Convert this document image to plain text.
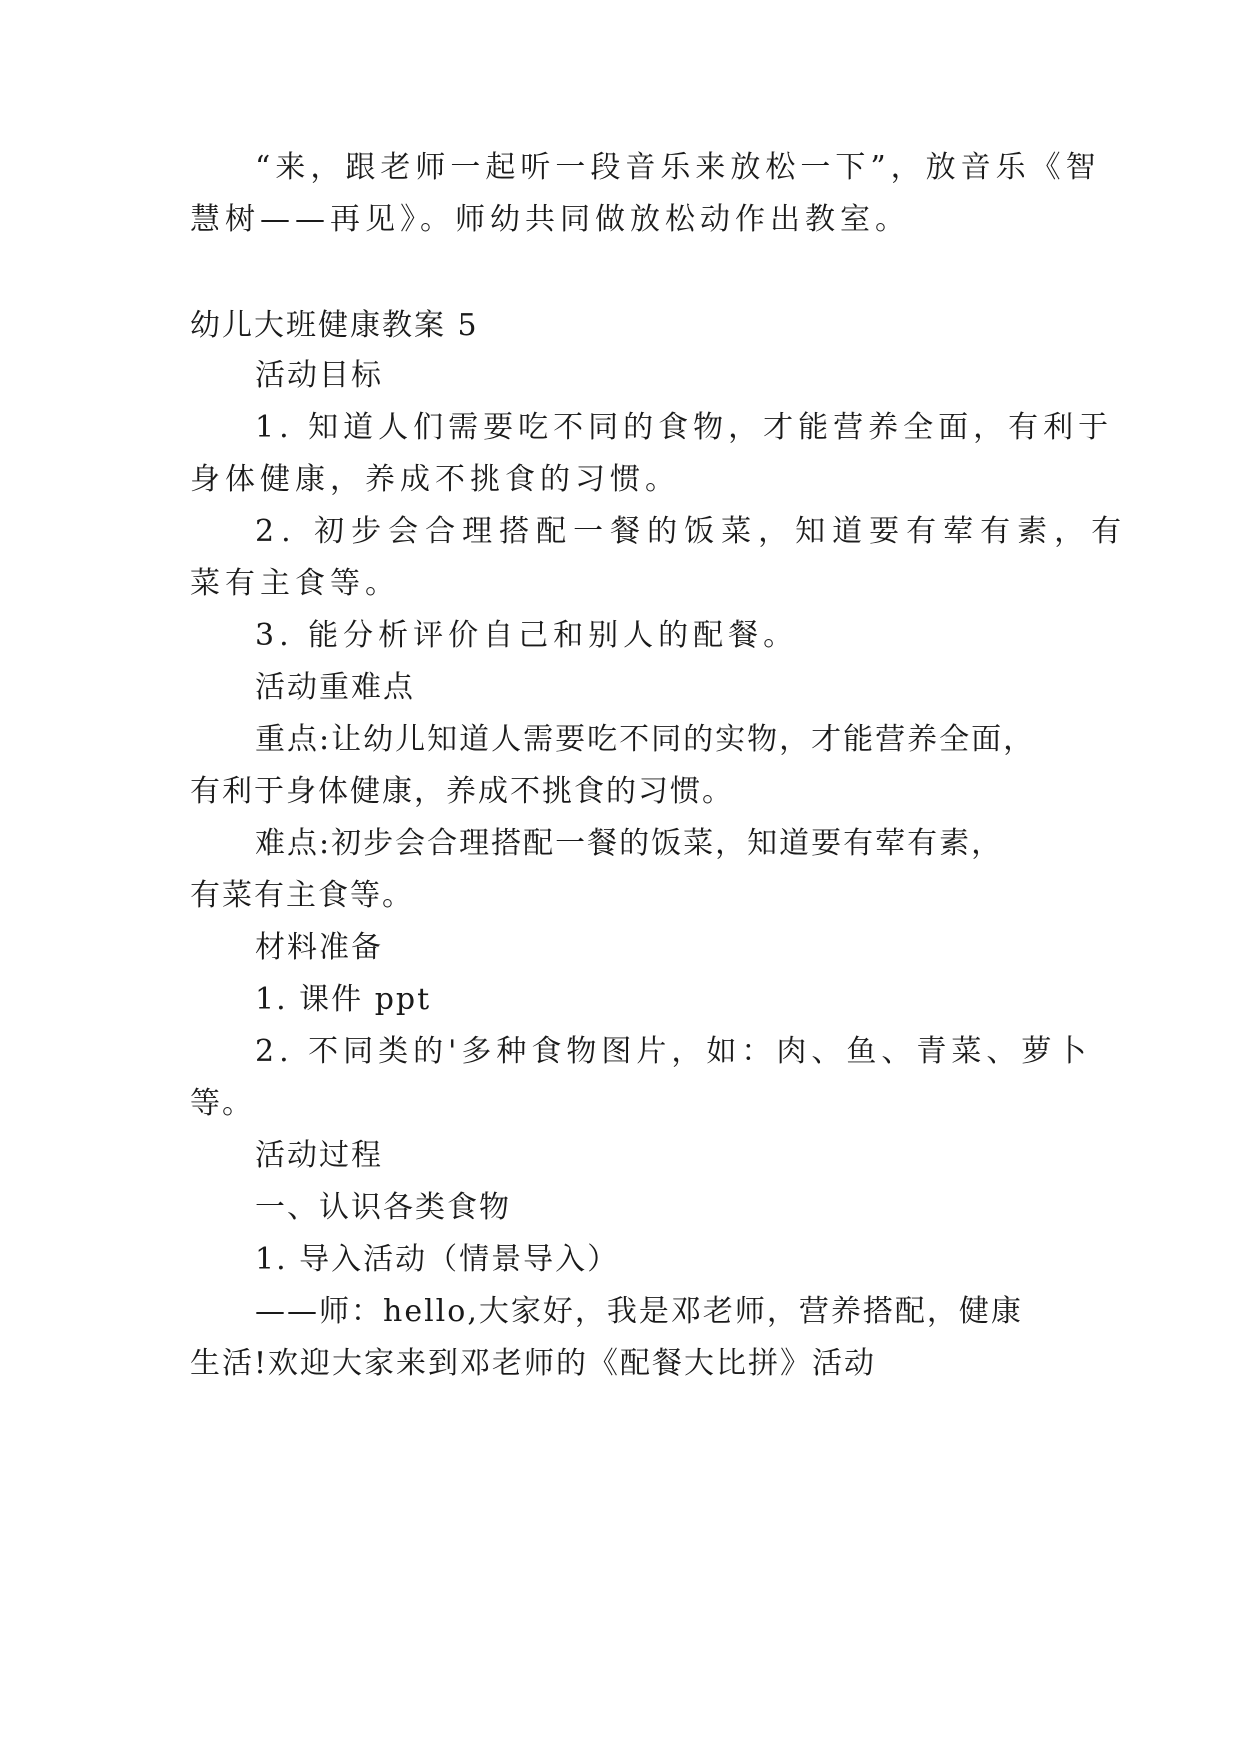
“来，跟老师一起听一段音乐来放松一下”，放音乐《智
慧树——再见》。师幼共同做放松动作出教室。
幼儿大班健康教案 5
活动目标
1. 知道人们需要吃不同的食物，才能营养全面，有利于
身体健康，养成不挑食的习惯。
2. 初步会合理搭配一餐的饭菜，知道要有荤有素，有
菜有主食等。
3. 能分析评价自己和别人的配餐。
活动重难点
重点:让幼儿知道人需要吃不同的实物，才能营养全面，
有利于身体健康，养成不挑食的习惯。
难点:初步会合理搭配一餐的饭菜，知道要有荤有素，
有菜有主食等。
材料准备
1. 课件 ppt
2. 不同类的'多种食物图片，如：肉、鱼、青菜、萝卜
等。
活动过程
一、认识各类食物
1. 导入活动（情景导入）
——师：hello,大家好，我是邓老师，营养搭配，健康
生活!欢迎大家来到邓老师的《配餐大比拼》活动
